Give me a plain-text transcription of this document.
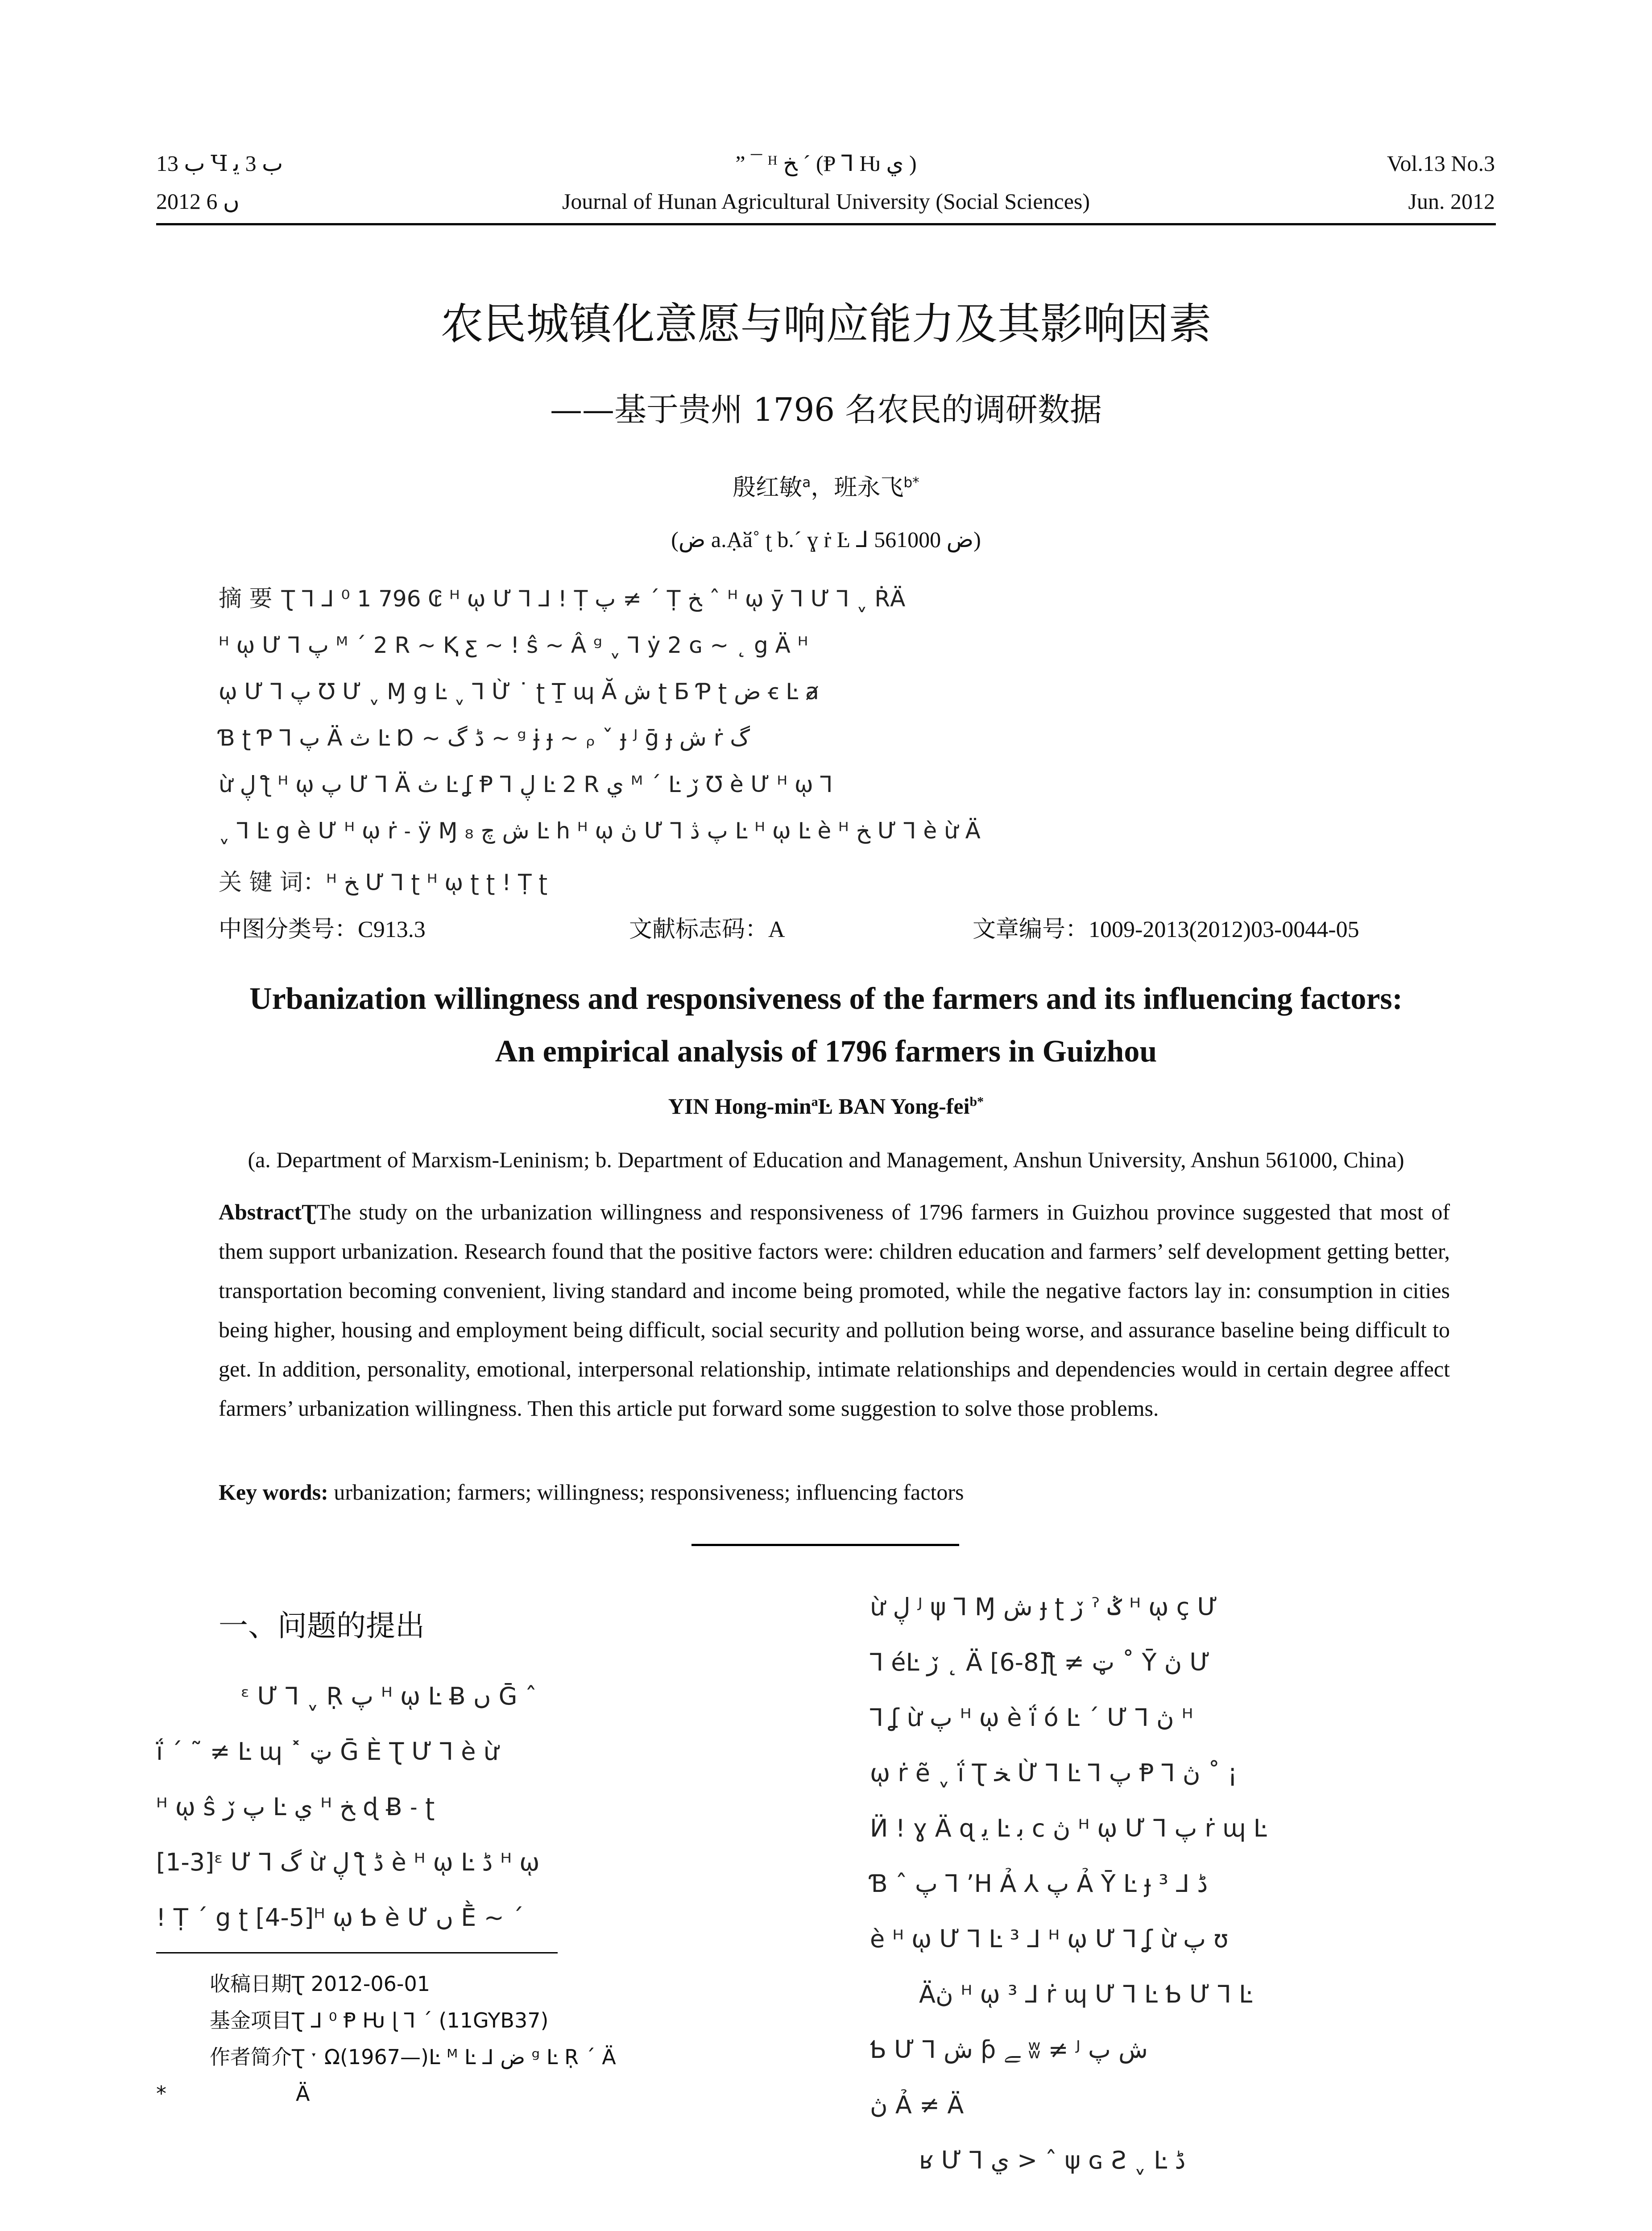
ب 13 ﻿Ɥ ب 3 ﻳ
2012 ں 6
” ¯ ᴴ ﺦ ˊ (Ᵽ ⅂ Ƕ ي )
Journal of Hunan Agricultural University (Social Sciences)
Vol.13 No.3
Jun. 2012
农民城镇化意愿与响应能力及其影响因素
——基于贵州 1796 名农民的调研数据
殷红敏$^a$，班永飞$^{b*}$
(ض a.Ạӑ˚ ʈ b.ˊ ɣ ṙ Ŀ ⅃ ض 561000)
摘 要 Ʈ ⅂ ⅃ ⁰ 1 796 ₢ ᴴ ῳ Ư ⅂ ⅃ ! Ṭ پ ≠ ˊ Ṭ ﺦ ˆ ᴴ ῳ ӯ ⅂ Ư ⅂ ˬ ṘÄ
ᴴ ῳ Ư ⅂ پ ᴹ ˊ 2 R ~ Ⱪ ƹ ~ ! ŝ ~ Â ᵍ ˬ ⅂ ẏ 2 ɢ ~ ˛ g Ä ᴴ
ῳ Ư ⅂ پ Ʊ Ư ˬ Ɱ g Ŀ ˬ ⅂ Ừ ˙ ʈ Ṯ ɰ Ă ﺵ ʈ Ƃ Ƥ ʈ ض ꞓ Ŀ ⱥ
Ɓ ʈ Ƥ ⅂ پ Ä ث Ŀ Ɒ ~ ڈ گ ~ ᵍ ɉ ɟ ~ ᵨ ˇ ɟ ᴶ ḡ ɟ ﺵ ṙ گ
ừ ڸ ƪ ᴴ ῳ پ Ư ⅂ Ä ث Ŀ ʆ Ᵽ ⅂ ڸ Ŀ 2 R ي ᴹ ˊ Ŀ ڒ Ʊ è Ư ᴴ ῳ ⅂
ˬ ⅂ Ŀ g è Ư ᴴ ῳ ṙ ˗ ÿ Ɱ ﺵ ﭺ ₈ Ŀ h ᴴ ῳ ڽ Ư ⅂ پ ڎ Ŀ ᴴ ῳ Ŀ è ᴴ ﺦ Ư ⅂ è ừ Ä
关 键 词：ᴴ ﺦ Ư ⅂ ʈ ᴴ ῳ ʈ ʈ ! Ṭ ʈ
中图分类号：C913.3	文献标志码：A	文章编号：1009-2013(2012)03-0044-05
Urbanization willingness and responsiveness of the farmers and its influencing factors:
An empirical analysis of 1796 farmers in Guizhou
YIN Hong-$\min^aĿ$ BAN Yong-fei$^{b*}$
(a. Department of Marxism-Leninism; b. Department of Education and Management, Anshun University, Anshun 561000, China)
AbstractƮThe study on the urbanization willingness and responsiveness of 1796 farmers in Guizhou province suggested that most of them support urbanization. Research found that the positive factors were: children education and farmers’ self development getting better, transportation becoming convenient, living standard and income being promoted, while the negative factors lay in: consumption in cities being higher, housing and employment being difficult, social security and pollution being worse, and assurance baseline being difficult to get. In addition, personality, emotional, interpersonal relationship, intimate relationships and dependencies would in certain degree affect farmers’ urbanization willingness. Then this article put forward some suggestion to solve those problems.
Key words: urbanization; farmers; willingness; responsiveness; influencing factors
一、问题的提出
ᵋ Ư ⅂ ˬ Ṛ پ ᴴ ῳ Ŀ Ƀ ں Ḡ ˆ
ḯ ˊ ˜ ≠ Ŀ ɰ ˟ ټ Ḡ È Ʈ Ư ⅂ è ừ
ᴴ ῳ ŝ پ ڒ Ŀ ي ᴴ ﺦ ɖ Ƀ ˗ ʈ
[1-3]ᵋ Ư ⅂ گ ừ ڸ ƪ ڈ è ᴴ ῳ Ŀ ڈ ᴴ ῳ
! Ṭ ˊ g ʈ [4-5]ᴴ ῳ Ƅ è Ư ں Ḕ ~ ˊ
收稿日期Ʈ 2012-06-01
基金项目Ʈ ⅃ ⁰ Ᵽ Ƕ ɭ ⅂ ˊ (11GYB37)
作者简介Ʈ ˑ Ω(1967—)Ŀ ᴹ Ŀ ⅃ ض ᵍ Ŀ Ṛ ˊ Ä
*	Ä
ừ ڸ ᴶ ψ ⅂ Ɱ ﺵ ɟ ʈ ڒ ˀ ݣ ᴴ ῳ ç Ư
⅂ éĿ ڒ ˛ Ä [6-8]ƪ ≠ ټ ˚ Ῡ ڽ Ư
⅂ ʆ ừ پ ᴴ ῳ è ḯ ó Ŀ ˊ Ư ⅂ ڽ ᴴ
ῳ ṙ ẽ ˬ ḯ Ʈ ﺨ Ừ ⅂ Ŀ ⅂ پ Ᵽ ⅂ ڽ ˚ ¡
Ӥ ! ɣ Ä ɋ ﯾ Ŀ ﺑ c ڽ ᴴ ῳ Ư ⅂ پ ṙ ɰ Ŀ
Ɓ ˆ پ ⅂ ʼH Ả ⅄ پ Ả Ῡ Ŀ ɟ ³ ⅃ ڈ
è ᴴ ῳ Ư ⅂ Ŀ ³ ⅃ ᴴ ῳ Ư ⅂ ʆ ừ پ ʊ
Äڽ ᴴ ῳ ³ ⅃ ṙ ɰ Ư ⅂ Ŀ Ƅ Ư ⅂ Ŀ
Ƅ Ư ⅂ ﺵ ƥ ﮯ ʬ ≠ ᴶ ﺵ پ
ڽ Ả ≠ Ä
ʁ Ư ⅂ ي > ˆ ψ ɢ Ƨ ˬ Ŀ ڈ
